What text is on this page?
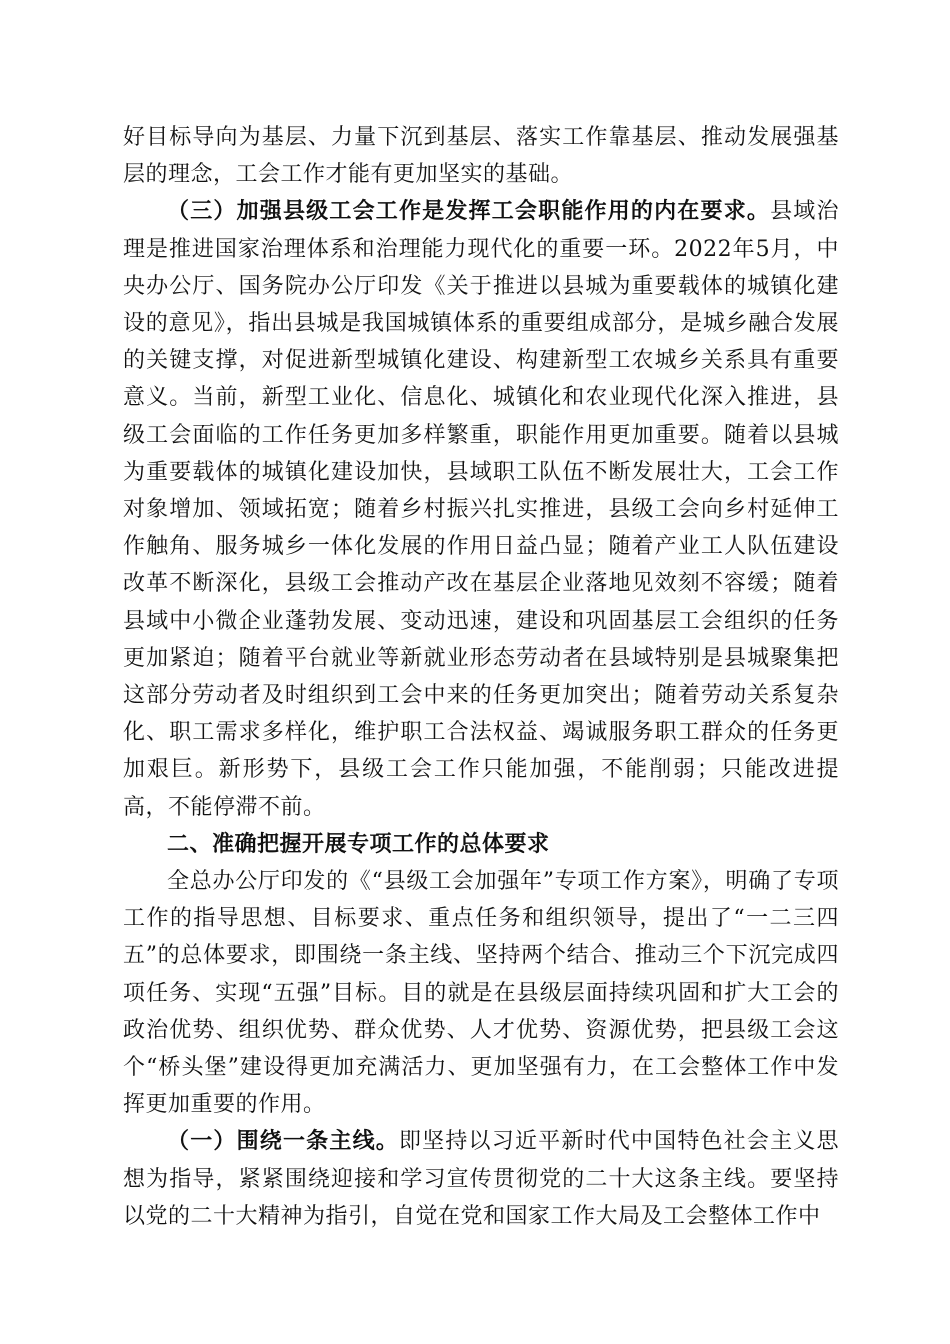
好目标导向为基层、力量下沉到基层、落实工作靠基层、推动发展强基层的理念，工会工作才能有更加坚实的基础。

（三）加强县级工会工作是发挥工会职能作用的内在要求。县域治理是推进国家治理体系和治理能力现代化的重要一环。2022年5月，中央办公厅、国务院办公厅印发《关于推进以县城为重要载体的城镇化建设的意见》，指出县城是我国城镇体系的重要组成部分，是城乡融合发展的关键支撑，对促进新型城镇化建设、构建新型工农城乡关系具有重要意义。当前，新型工业化、信息化、城镇化和农业现代化深入推进，县级工会面临的工作任务更加多样繁重，职能作用更加重要。随着以县城为重要载体的城镇化建设加快，县域职工队伍不断发展壮大，工会工作对象增加、领域拓宽；随着乡村振兴扎实推进，县级工会向乡村延伸工作触角、服务城乡一体化发展的作用日益凸显；随着产业工人队伍建设改革不断深化，县级工会推动产改在基层企业落地见效刻不容缓；随着县域中小微企业蓬勃发展、变动迅速，建设和巩固基层工会组织的任务更加紧迫；随着平台就业等新就业形态劳动者在县域特别是县城聚集把这部分劳动者及时组织到工会中来的任务更加突出；随着劳动关系复杂化、职工需求多样化，维护职工合法权益、竭诚服务职工群众的任务更加艰巨。新形势下，县级工会工作只能加强，不能削弱；只能改进提高，不能停滞不前。

二、准确把握开展专项工作的总体要求

全总办公厅印发的《“县级工会加强年”专项工作方案》，明确了专项工作的指导思想、目标要求、重点任务和组织领导，提出了“一二三四五”的总体要求，即围绕一条主线、坚持两个结合、推动三个下沉完成四项任务、实现“五强”目标。目的就是在县级层面持续巩固和扩大工会的政治优势、组织优势、群众优势、人才优势、资源优势，把县级工会这个“桥头堡”建设得更加充满活力、更加坚强有力，在工会整体工作中发挥更加重要的作用。

（一）围绕一条主线。即坚持以习近平新时代中国特色社会主义思想为指导，紧紧围绕迎接和学习宣传贯彻党的二十大这条主线。要坚持以党的二十大精神为指引，自觉在党和国家工作大局及工会整体工作中
